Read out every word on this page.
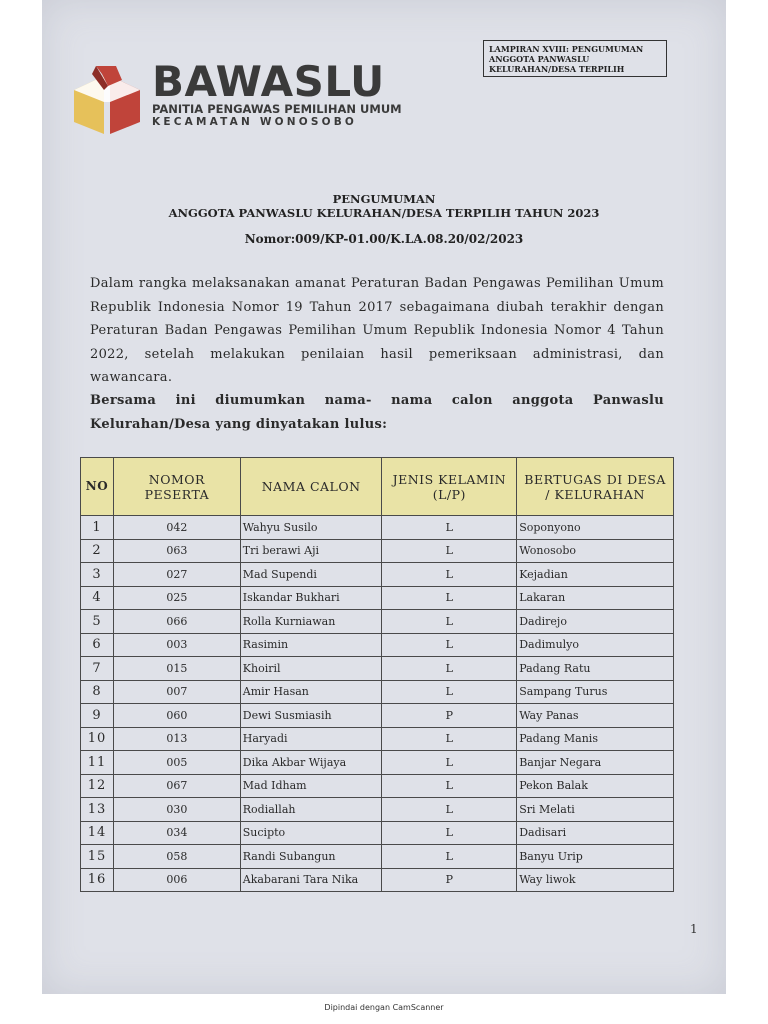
LAMPIRAN XVIII: PENGUMUMAN
ANGGOTA PANWASLU
KELURAHAN/DESA TERPILIH
BAWASLU
PANITIA PENGAWAS PEMILIHAN UMUM
KECAMATAN WONOSOBO
PENGUMUMAN
ANGGOTA PANWASLU KELURAHAN/DESA TERPILIH TAHUN 2023
Nomor:009/KP-01.00/K.LA.08.20/02/2023
Dalam rangka melaksanakan amanat Peraturan Badan Pengawas Pemilihan Umum Republik Indonesia Nomor 19 Tahun 2017 sebagaimana diubah terakhir dengan Peraturan Badan Pengawas Pemilihan Umum Republik Indonesia Nomor 4 Tahun 2022, setelah melakukan penilaian hasil pemeriksaan administrasi, dan wawancara.
Bersama ini diumumkan nama- nama calon anggota Panwaslu Kelurahan/Desa yang dinyatakan lulus:
NO	NOMOR PESERTA	NAMA CALON	JENIS KELAMIN (L/P)	BERTUGAS DI DESA / KELURAHAN
1	042	Wahyu Susilo	L	Soponyono
2	063	Tri berawi Aji	L	Wonosobo
3	027	Mad Supendi	L	Kejadian
4	025	Iskandar Bukhari	L	Lakaran
5	066	Rolla Kurniawan	L	Dadirejo
6	003	Rasimin	L	Dadimulyo
7	015	Khoiril	L	Padang Ratu
8	007	Amir Hasan	L	Sampang Turus
9	060	Dewi Susmiasih	P	Way Panas
10	013	Haryadi	L	Padang Manis
11	005	Dika Akbar Wijaya	L	Banjar Negara
12	067	Mad Idham	L	Pekon Balak
13	030	Rodiallah	L	Sri Melati
14	034	Sucipto	L	Dadisari
15	058	Randi Subangun	L	Banyu Urip
16	006	Akabarani Tara Nika	P	Way liwok
1
Dipindai dengan CamScanner
